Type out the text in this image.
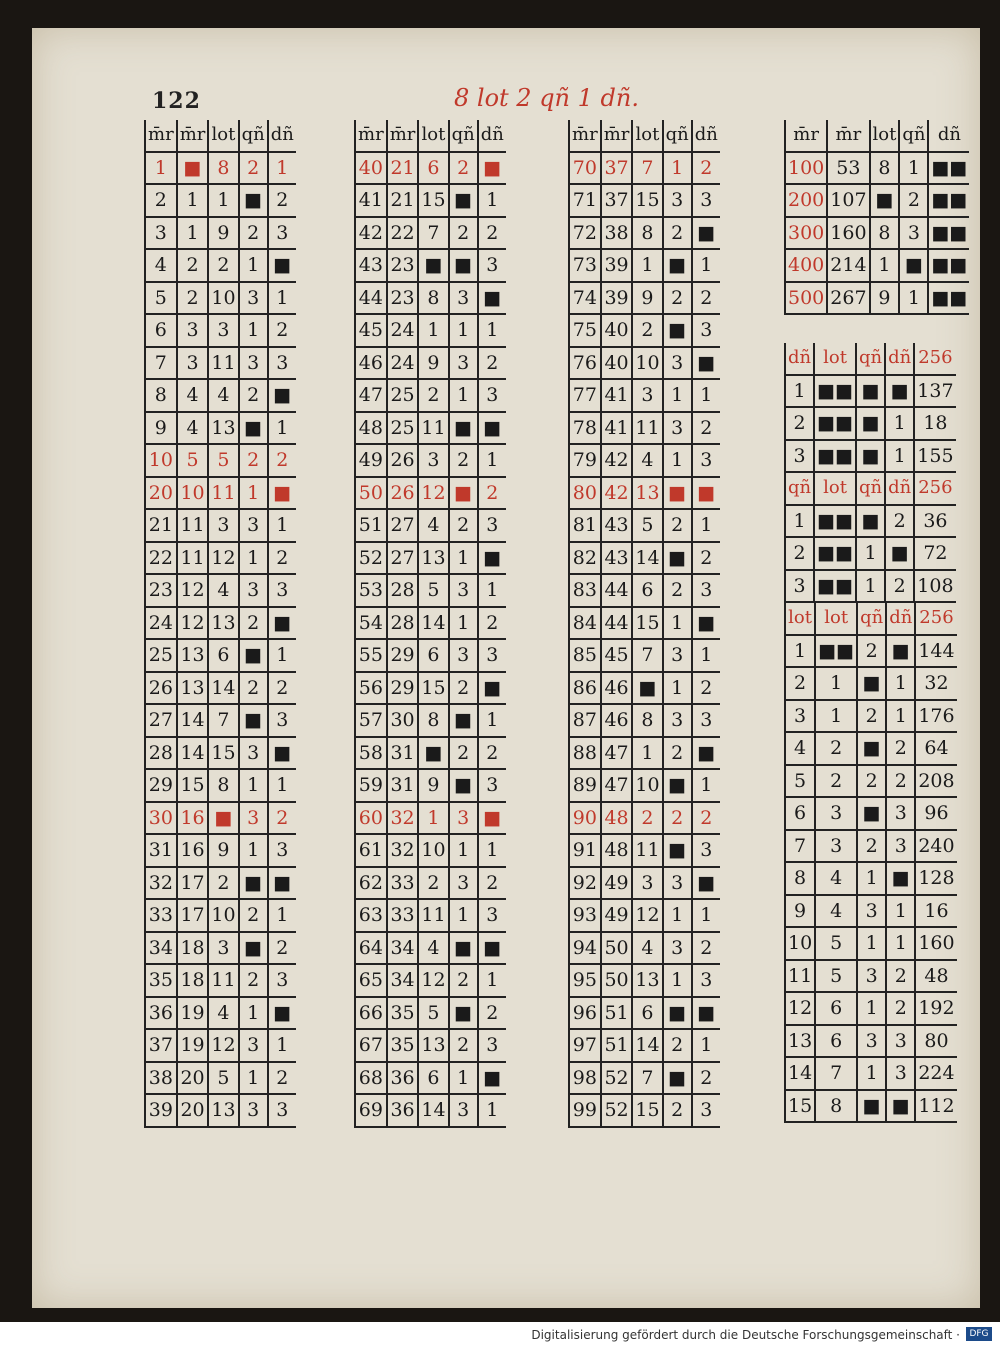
122	8 lot 2 qñ 1 dñ.
m̄r	m̄r	lot	qñ	dñ
1	■	8	2	1
2	1	1	■	2
3	1	9	2	3
4	2	2	1	■
5	2	10	3	1
6	3	3	1	2
7	3	11	3	3
8	4	4	2	■
9	4	13	■	1
10	5	5	2	2
20	10	11	1	■
21	11	3	3	1
22	11	12	1	2
23	12	4	3	3
24	12	13	2	■
25	13	6	■	1
26	13	14	2	2
27	14	7	■	3
28	14	15	3	■
29	15	8	1	1
30	16	■	3	2
31	16	9	1	3
32	17	2	■	■
33	17	10	2	1
34	18	3	■	2
35	18	11	2	3
36	19	4	1	■
37	19	12	3	1
38	20	5	1	2
39	20	13	3	3
m̄r	m̄r	lot	qñ	dñ
40	21	6	2	■
41	21	15	■	1
42	22	7	2	2
43	23	■	■	3
44	23	8	3	■
45	24	1	1	1
46	24	9	3	2
47	25	2	1	3
48	25	11	■	■
49	26	3	2	1
50	26	12	■	2
51	27	4	2	3
52	27	13	1	■
53	28	5	3	1
54	28	14	1	2
55	29	6	3	3
56	29	15	2	■
57	30	8	■	1
58	31	■	2	2
59	31	9	■	3
60	32	1	3	■
61	32	10	1	1
62	33	2	3	2
63	33	11	1	3
64	34	4	■	■
65	34	12	2	1
66	35	5	■	2
67	35	13	2	3
68	36	6	1	■
69	36	14	3	1
m̄r	m̄r	lot	qñ	dñ
70	37	7	1	2
71	37	15	3	3
72	38	8	2	■
73	39	1	■	1
74	39	9	2	2
75	40	2	■	3
76	40	10	3	■
77	41	3	1	1
78	41	11	3	2
79	42	4	1	3
80	42	13	■	■
81	43	5	2	1
82	43	14	■	2
83	44	6	2	3
84	44	15	1	■
85	45	7	3	1
86	46	■	1	2
87	46	8	3	3
88	47	1	2	■
89	47	10	■	1
90	48	2	2	2
91	48	11	■	3
92	49	3	3	■
93	49	12	1	1
94	50	4	3	2
95	50	13	1	3
96	51	6	■	■
97	51	14	2	1
98	52	7	■	2
99	52	15	2	3
m̄r	m̄r	lot	qñ	dñ
100	53	8	1	■■
200	107	■	2	■■
300	160	8	3	■■
400	214	1	■	■■
500	267	9	1	■■
dñ	lot	qñ	dñ	256
1	■■	■	■	137
2	■■	■	1	18
3	■■	■	1	155
qñ	lot	qñ	dñ	256
1	■■	■	2	36
2	■■	1	■	72
3	■■	1	2	108
lot	lot	qñ	dñ	256
1	■■	2	■	144
2	1	■	1	32
3	1	2	1	176
4	2	■	2	64
5	2	2	2	208
6	3	■	3	96
7	3	2	3	240
8	4	1	■	128
9	4	3	1	16
10	5	1	1	160
11	5	3	2	48
12	6	1	2	192
13	6	3	3	80
14	7	1	3	224
15	8	■	■	112
Digitalisierung gefördert durch die Deutsche Forschungsgemeinschaft ·	DFG
